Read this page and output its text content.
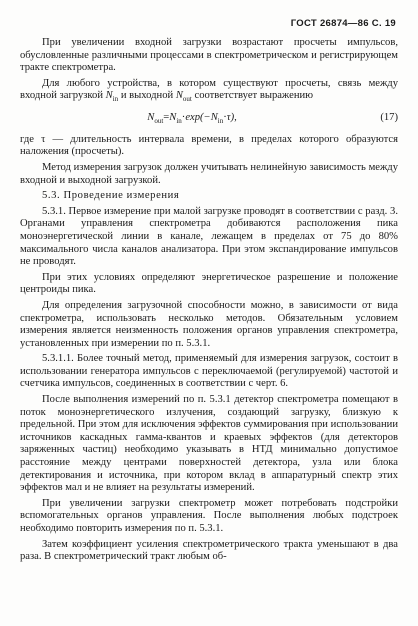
ГОСТ 26874—86 С. 19

При увеличении входной загрузки возрастают просчеты импульсов, обусловленные различными процессами в спектрометрическом и регистрирующем тракте спектрометра.

Для любого устройства, в котором существуют просчеты, связь между входной загрузкой $N_{in}$ и выходной $N_{out}$ соответствует выражению

$N_{out}=N_{in}\cdot\exp(-N_{in}\cdot\tau)$,	(17)

где τ — длительность интервала времени, в пределах которого образуются наложения (просчеты).

Метод измерения загрузок должен учитывать нелинейную зависимость между входной и выходной загрузкой.

5.3. Проведение измерения

5.3.1. Первое измерение при малой загрузке проводят в соответствии с разд. 3. Органами управления спектрометра добиваются расположения пика моноэнергетической линии в канале, лежащем в пределах от 75 до 80% максимального числа каналов анализатора. При этом экспандирование импульсов не проводят.

При этих условиях определяют энергетическое разрешение и положение центроиды пика.

Для определения загрузочной способности можно, в зависимости от вида спектрометра, использовать несколько методов. Обязательным условием измерения является неизменность положения органов управления спектрометра, установленных при измерении по п. 5.3.1.

5.3.1.1. Более точный метод, применяемый для измерения загрузок, состоит в использовании генератора импульсов с переключаемой (регулируемой) частотой и счетчика импульсов, соединенных в соответствии с черт. 6.

После выполнения измерений по п. 5.3.1 детектор спектрометра помещают в поток моноэнергетического излучения, создающий загрузку, близкую к предельной. При этом для исключения эффектов суммирования при использовании источников каскадных гамма-квантов и краевых эффектов (для детекторов заряженных частиц) необходимо указывать в НТД минимально допустимое расстояние между центрами поверхностей детектора, узла или блока детектирования и источника, при котором вклад в аппаратурный спектр этих эффектов мал и не влияет на результаты измерений.

При увеличении загрузки спектрометр может потребовать подстройки вспомогательных органов управления. После выполнения любых подстроек необходимо повторить измерения по п. 5.3.1.

Затем коэффициент усиления спектрометрического тракта уменьшают в два раза. В спектрометрический тракт любым об-
